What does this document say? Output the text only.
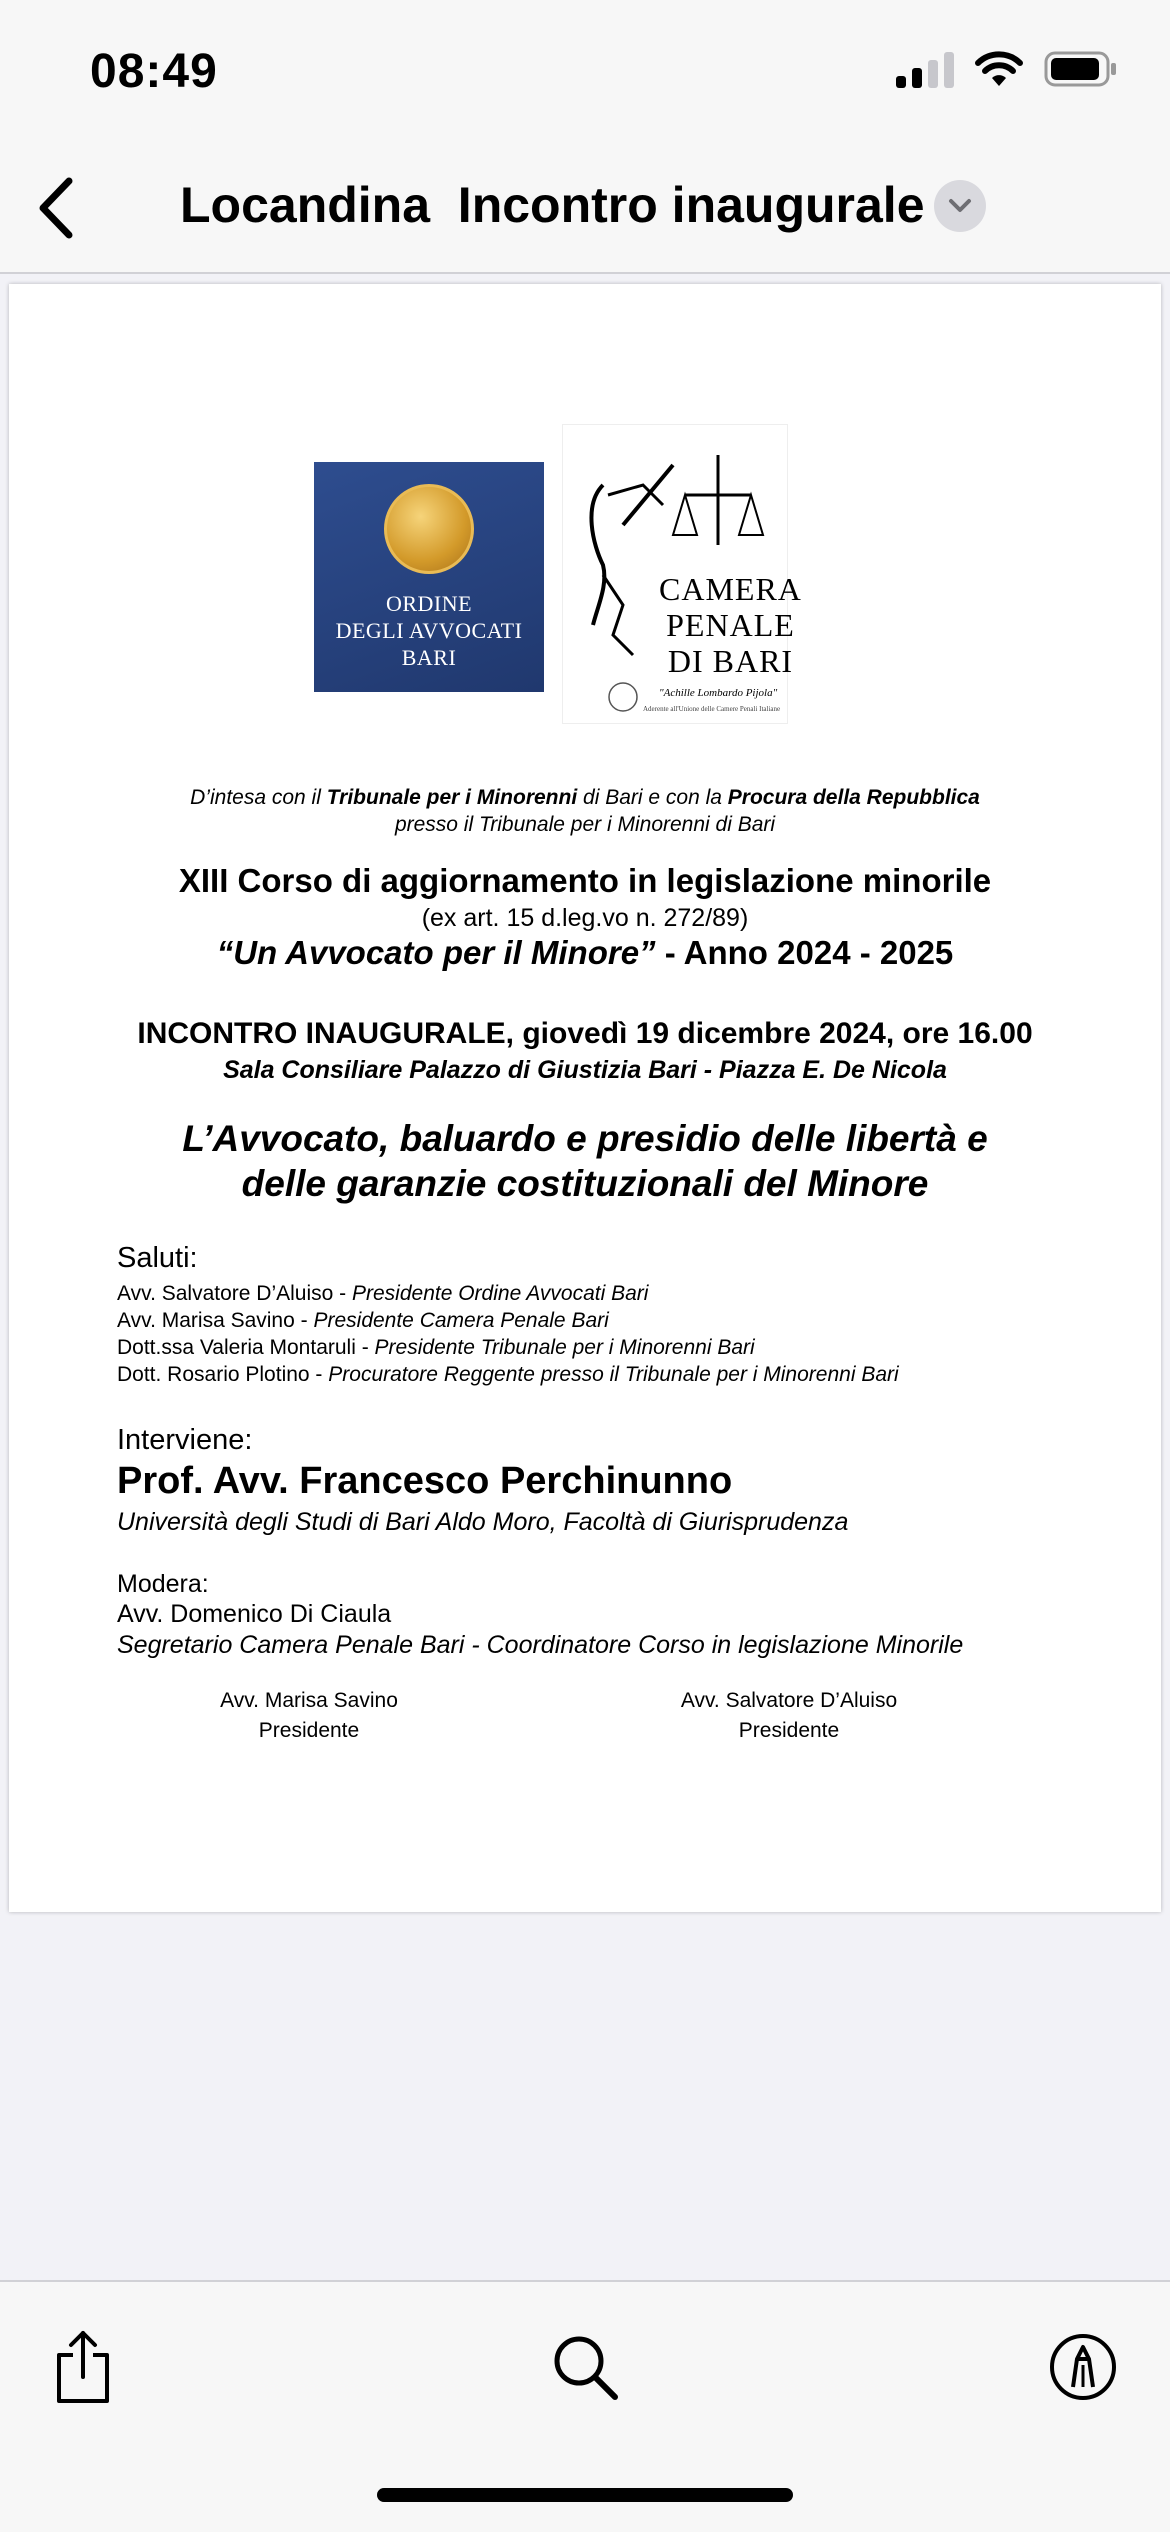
08:49
Locandina  Incontro inaugurale
ORDINE
DEGLI AVVOCATI
BARI
CAMERA
PENALE
DI BARI
"Achille Lombardo Pijola"
Aderente all'Unione delle Camere Penali Italiane
D’intesa con il Tribunale per i Minorenni di Bari e con la Procura della Repubblica
presso il Tribunale per i Minorenni di Bari
XIII Corso di aggiornamento in legislazione minorile
(ex art. 15 d.leg.vo n. 272/89)
“Un Avvocato per il Minore” - Anno 2024 - 2025
INCONTRO INAUGURALE, giovedì 19 dicembre 2024, ore 16.00
Sala Consiliare Palazzo di Giustizia Bari - Piazza E. De Nicola
L’Avvocato, baluardo e presidio delle libertà e
delle garanzie costituzionali del Minore
Saluti:
Avv. Salvatore D’Aluiso - Presidente Ordine Avvocati Bari
Avv. Marisa Savino - Presidente Camera Penale Bari
Dott.ssa Valeria Montaruli - Presidente Tribunale per i Minorenni Bari
Dott. Rosario Plotino - Procuratore Reggente presso il Tribunale per i Minorenni Bari
Interviene:
Prof. Avv. Francesco Perchinunno
Università degli Studi di Bari Aldo Moro, Facoltà di Giurisprudenza
Modera:
Avv. Domenico Di Ciaula
Segretario Camera Penale Bari - Coordinatore Corso in legislazione Minorile
Avv. Marisa Savino
Presidente
Avv. Salvatore D’Aluiso
Presidente
